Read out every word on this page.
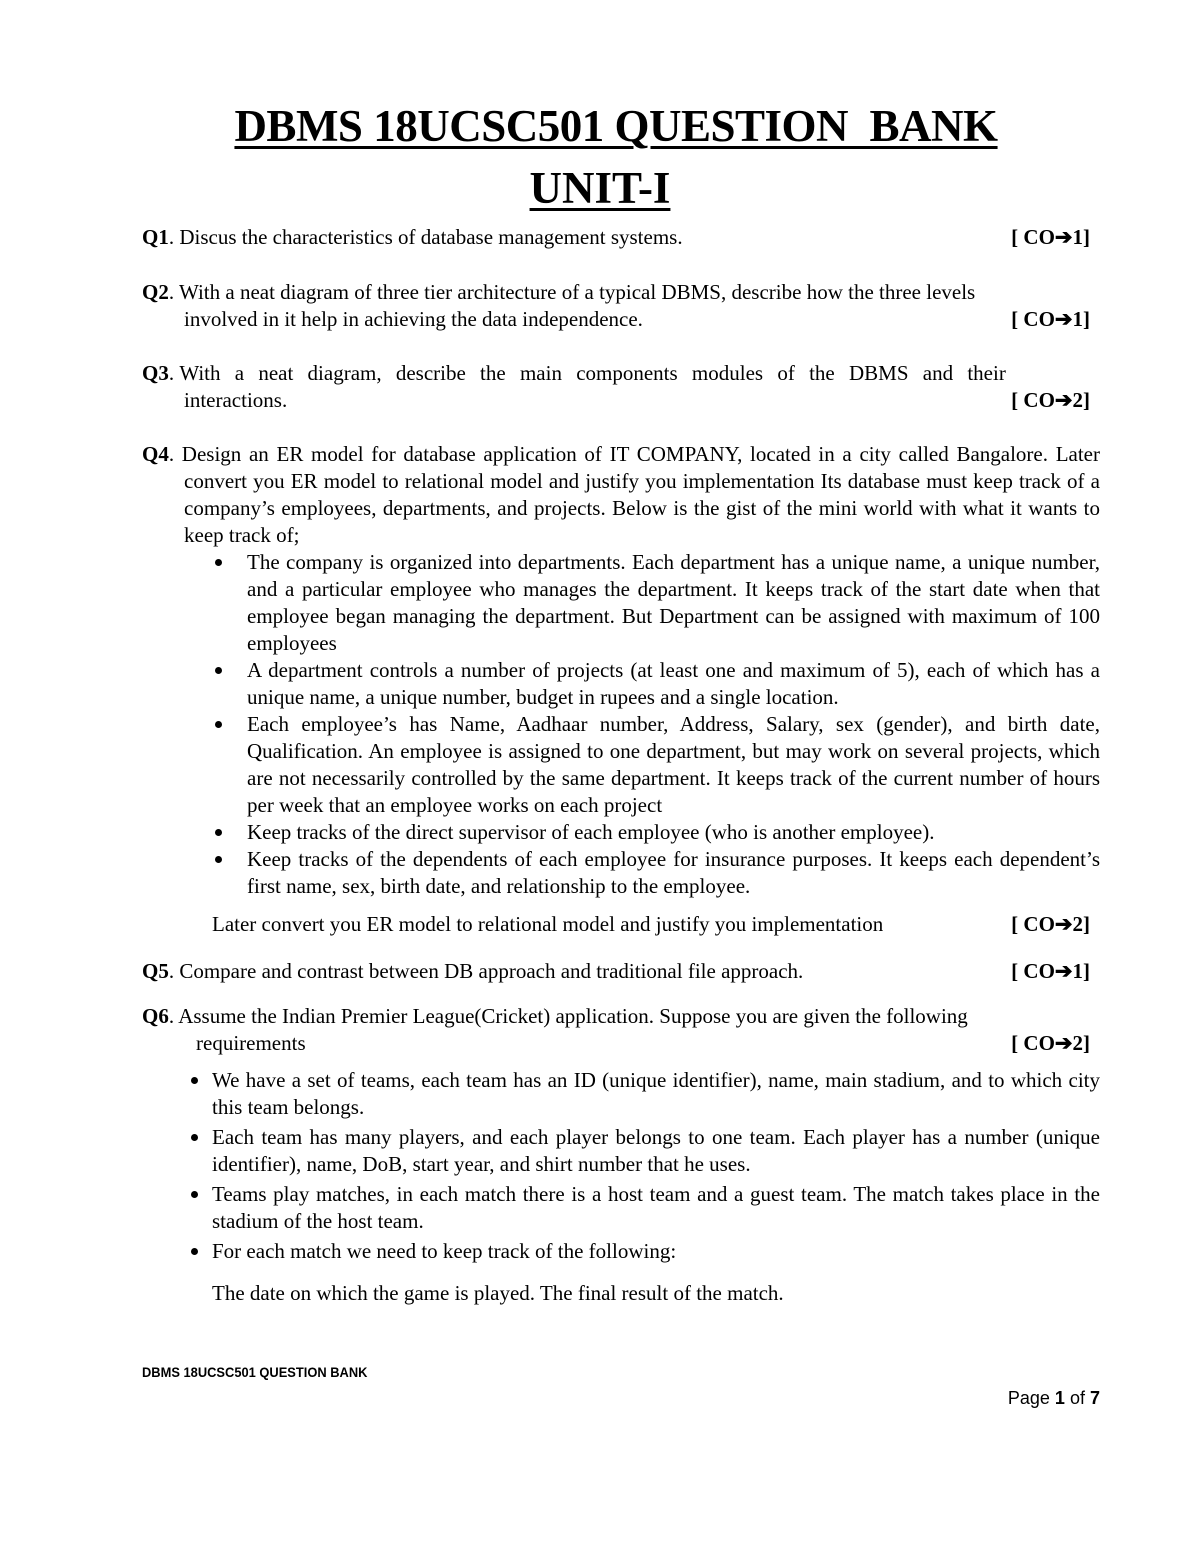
DBMS 18UCSC501 QUESTION  BANK
UNIT-I
Q1. Discus the characteristics of database management systems.	[ CO➔1]
Q2. With a neat diagram of three tier architecture of a typical DBMS, describe how the three levels
involved in it help in achieving the data independence.	[ CO➔1]
Q3. With a neat diagram, describe the main components modules of the DBMS and their
interactions.	[ CO➔2]
Q4. Design an ER model for database application of IT COMPANY, located in a city called Bangalore. Later convert you ER model to relational model and justify you implementation Its database must keep track of a company’s employees, departments, and projects. Below is the gist of the mini world with what it wants to keep track of;
The company is organized into departments. Each department has a unique name, a unique number, and a particular employee who manages the department. It keeps track of the start date when that employee began managing the department. But Department can be assigned with maximum of 100 employees
A department controls a number of projects (at least one and maximum of 5), each of which has a unique name, a unique number, budget in rupees and a single location.
Each employee’s has Name, Aadhaar number, Address, Salary, sex (gender), and birth date, Qualification. An employee is assigned to one department, but may work on several projects, which are not necessarily controlled by the same department. It keeps track of the current number of hours per week that an employee works on each project
Keep tracks of the direct supervisor of each employee (who is another employee).
Keep tracks of the dependents of each employee for insurance purposes. It keeps each dependent’s first name, sex, birth date, and relationship to the employee.
Later convert you ER model to relational model and justify you implementation	[ CO➔2]
Q5. Compare and contrast between DB approach and traditional file approach.	[ CO➔1]
Q6. Assume the Indian Premier League(Cricket) application. Suppose you are given the following
requirements	[ CO➔2]
We have a set of teams, each team has an ID (unique identifier), name, main stadium, and to which city this team belongs.
Each team has many players, and each player belongs to one team. Each player has a number (unique identifier), name, DoB, start year, and shirt number that he uses.
Teams play matches, in each match there is a host team and a guest team. The match takes place in the stadium of the host team.
For each match we need to keep track of the following:
The date on which the game is played. The final result of the match.
DBMS 18UCSC501 QUESTION BANK
Page 1 of 7
